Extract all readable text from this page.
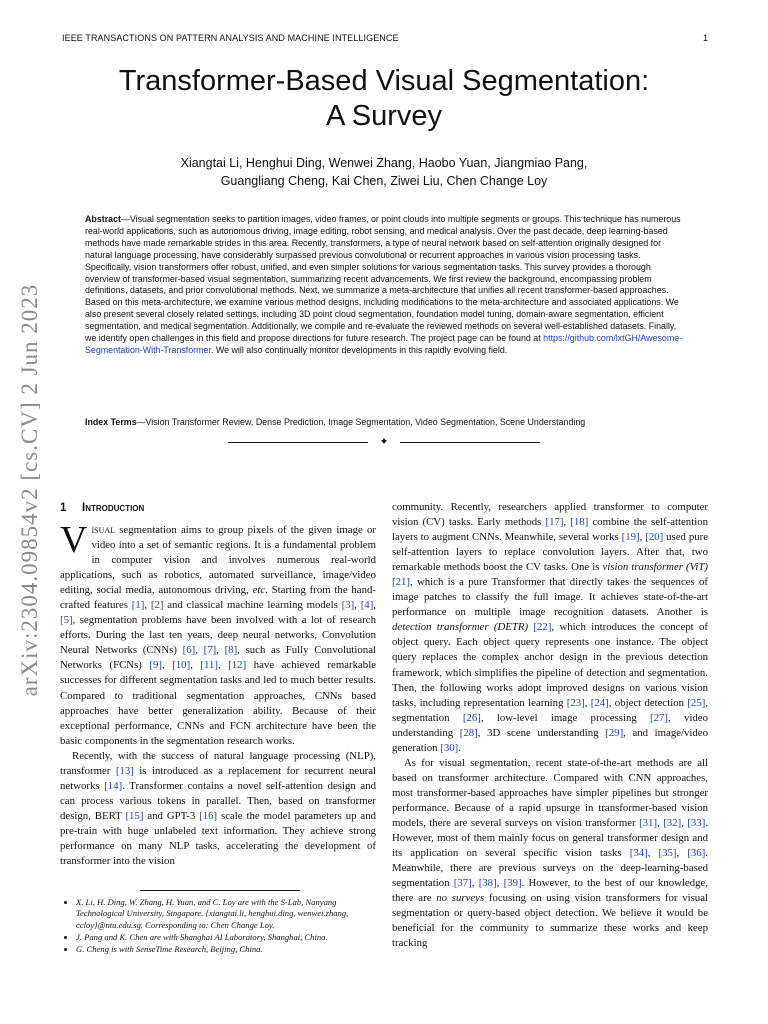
IEEE TRANSACTIONS ON PATTERN ANALYSIS AND MACHINE INTELLIGENCE	1
arXiv:2304.09854v2 [cs.CV] 2 Jun 2023
Transformer-Based Visual Segmentation:
A Survey
Xiangtai Li, Henghui Ding, Wenwei Zhang, Haobo Yuan, Jiangmiao Pang,
Guangliang Cheng, Kai Chen, Ziwei Liu, Chen Change Loy
Abstract—Visual segmentation seeks to partition images, video frames, or point clouds into multiple segments or groups. This technique has numerous real-world applications, such as autonomous driving, image editing, robot sensing, and medical analysis. Over the past decade, deep learning-based methods have made remarkable strides in this area. Recently, transformers, a type of neural network based on self-attention originally designed for natural language processing, have considerably surpassed previous convolutional or recurrent approaches in various vision processing tasks. Specifically, vision transformers offer robust, unified, and even simpler solutions for various segmentation tasks. This survey provides a thorough overview of transformer-based visual segmentation, summarizing recent advancements. We first review the background, encompassing problem definitions, datasets, and prior convolutional methods. Next, we summarize a meta-architecture that unifies all recent transformer-based approaches. Based on this meta-architecture, we examine various method designs, including modifications to the meta-architecture and associated applications. We also present several closely related settings, including 3D point cloud segmentation, foundation model tuning, domain-aware segmentation, efficient segmentation, and medical segmentation. Additionally, we compile and re-evaluate the reviewed methods on several well-established datasets. Finally, we identify open challenges in this field and propose directions for future research. The project page can be found at https://github.com/lxtGH/Awesome-Segmentation-With-Transformer. We will also continually monitor developments in this rapidly evolving field.
Index Terms—Vision Transformer Review, Dense Prediction, Image Segmentation, Video Segmentation, Scene Understanding
✦
1 Introduction

Visual segmentation aims to group pixels of the given image or video into a set of semantic regions. It is a fundamental problem in computer vision and involves numerous real-world applications, such as robotics, automated surveillance, image/video editing, social media, autonomous driving, etc. Starting from the hand-crafted features [1], [2] and classical machine learning models [3], [4], [5], segmentation problems have been involved with a lot of research efforts. During the last ten years, deep neural networks, Convolution Neural Networks (CNNs) [6], [7], [8], such as Fully Convolutional Networks (FCNs) [9], [10], [11], [12] have achieved remarkable successes for different segmentation tasks and led to much better results. Compared to traditional segmentation approaches, CNNs based approaches have better generalization ability. Because of their exceptional performance, CNNs and FCN architecture have been the basic components in the segmentation research works.

Recently, with the success of natural language processing (NLP), transformer [13] is introduced as a replacement for recurrent neural networks [14]. Transformer contains a novel self-attention design and can process various tokens in parallel. Then, based on transformer design, BERT [15] and GPT-3 [16] scale the model parameters up and pre-train with huge unlabeled text information. They achieve strong performance on many NLP tasks, accelerating the development of transformer into the vision

• X. Li, H. Ding, W. Zhang, H. Yuan, and C. Loy are with the S-Lab, Nanyang Technological University, Singapore. {xiangtai.li, henghui.ding, wenwei.zhang, ccloy}@ntu.edu.sg. Corresponding to: Chen Change Loy.
• J. Pang and K. Chen are with Shanghai AI Laboratory, Shanghai, China.
• G. Cheng is with SenseTime Research, Beijing, China.

community. Recently, researchers applied transformer to computer vision (CV) tasks. Early methods [17], [18] combine the self-attention layers to augment CNNs. Meanwhile, several works [19], [20] used pure self-attention layers to replace convolution layers. After that, two remarkable methods boost the CV tasks. One is vision transformer (ViT) [21], which is a pure Transformer that directly takes the sequences of image patches to classify the full image. It achieves state-of-the-art performance on multiple image recognition datasets. Another is detection transformer (DETR) [22], which introduces the concept of object query. Each object query represents one instance. The object query replaces the complex anchor design in the previous detection framework, which simplifies the pipeline of detection and segmentation. Then, the following works adopt improved designs on various vision tasks, including representation learning [23], [24], object detection [25], segmentation [26], low-level image processing [27], video understanding [28], 3D scene understanding [29], and image/video generation [30].

As for visual segmentation, recent state-of-the-art methods are all based on transformer architecture. Compared with CNN approaches, most transformer-based approaches have simpler pipelines but stronger performance. Because of a rapid upsurge in transformer-based vision models, there are several surveys on vision transformer [31], [32], [33]. However, most of them mainly focus on general transformer design and its application on several specific vision tasks [34], [35], [36]. Meanwhile, there are previous surveys on the deep-learning-based segmentation [37], [38], [39]. However, to the best of our knowledge, there are no surveys focusing on using vision transformers for visual segmentation or query-based object detection. We believe it would be beneficial for the community to summarize these works and keep tracking
